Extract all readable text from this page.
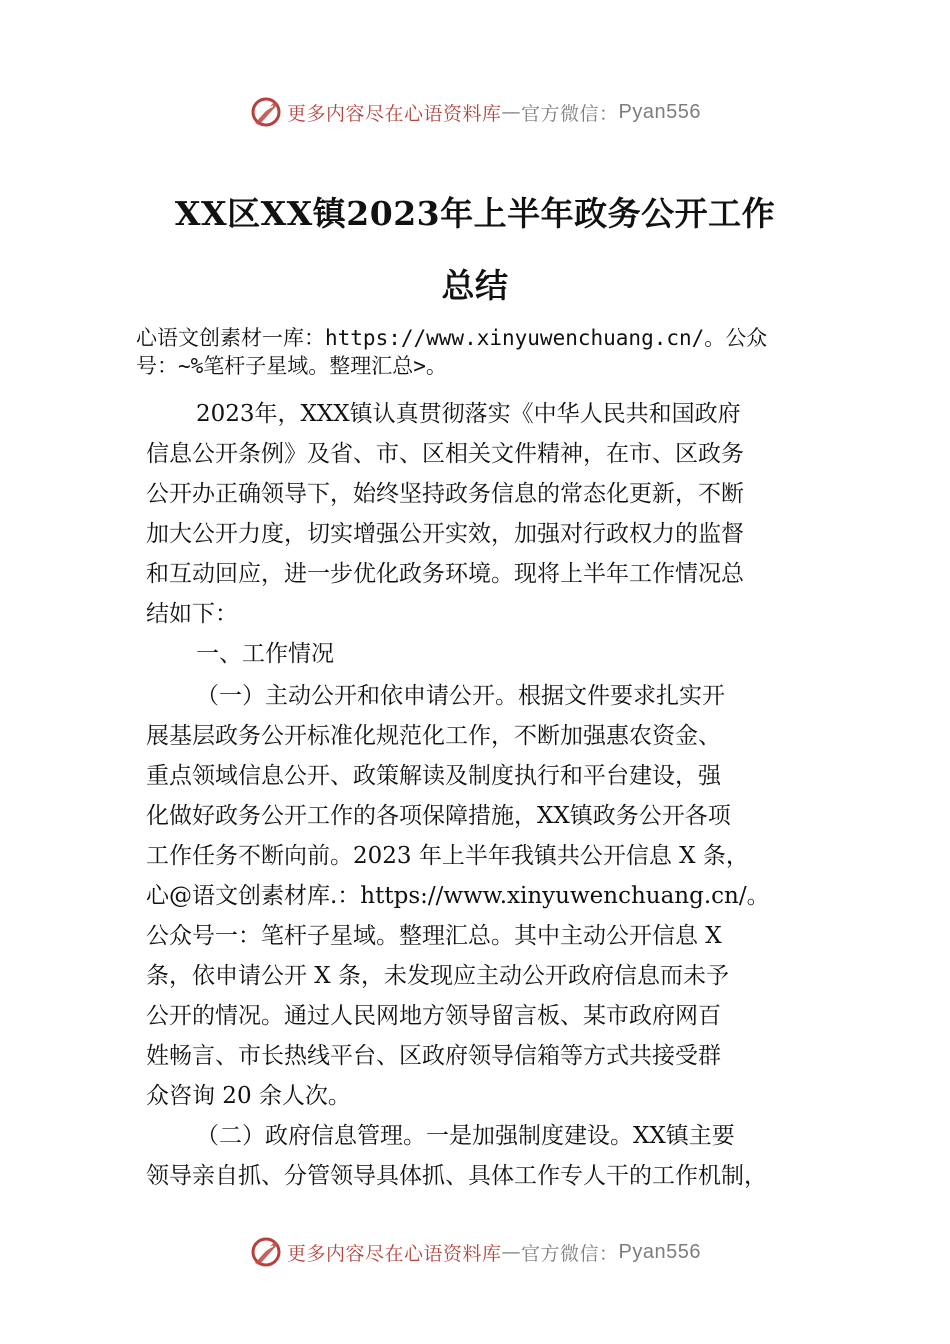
更多内容尽在心语资料库 — 官方微信： Pyan556
XX区XX镇2023年上半年政务公开工作
总结
心语文创素材一库：https://www.xinyuwenchuang.cn/。公众
号：~%笔杆子星域。整理汇总>。
2023年，XXX镇认真贯彻落实《中华人民共和国政府
信息公开条例》及省、市、区相关文件精神，在市、区政务
公开办正确领导下，始终坚持政务信息的常态化更新，不断
加大公开力度，切实增强公开实效，加强对行政权力的监督
和互动回应，进一步优化政务环境。现将上半年工作情况总
结如下：
一、工作情况
（一）主动公开和依申请公开。根据文件要求扎实开
展基层政务公开标准化规范化工作，不断加强惠农资金、
重点领域信息公开、政策解读及制度执行和平台建设，强
化做好政务公开工作的各项保障措施，XX镇政务公开各项
工作任务不断向前。2023 年上半年我镇共公开信息 X 条，
心@语文创素材库.：https://www.xinyuwenchuang.cn/。
公众号一：笔杆子星域。整理汇总。其中主动公开信息 X
条，依申请公开 X 条，未发现应主动公开政府信息而未予
公开的情况。通过人民网地方领导留言板、某市政府网百
姓畅言、市长热线平台、区政府领导信箱等方式共接受群
众咨询 20 余人次。
（二）政府信息管理。一是加强制度建设。XX镇主要
领导亲自抓、分管领导具体抓、具体工作专人干的工作机制，
更多内容尽在心语资料库 — 官方微信： Pyan556
